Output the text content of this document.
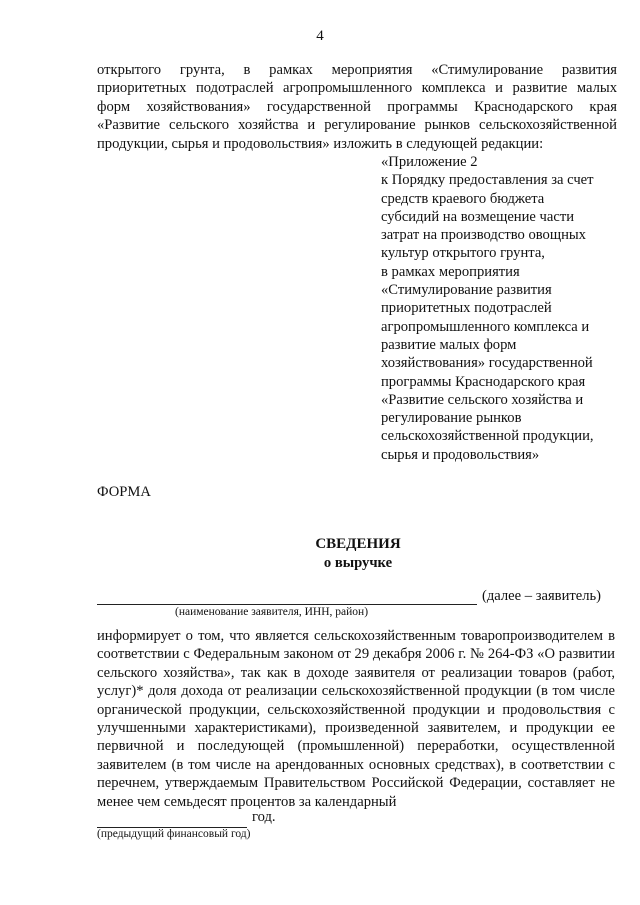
4
открытого грунта, в рамках мероприятия «Стимулирование развития приоритетных подотраслей агропромышленного комплекса и развитие малых форм хозяйствования» государственной программы Краснодарского края «Развитие сельского хозяйства и регулирование рынков сельскохозяйственной продукции, сырья и продовольствия» изложить в следующей редакции:
«Приложение 2
к Порядку предоставления за счет
средств краевого бюджета
субсидий на возмещение части
затрат на производство овощных
культур открытого грунта,
в рамках мероприятия
«Стимулирование развития
приоритетных подотраслей
агропромышленного комплекса и
развитие малых форм
хозяйствования» государственной
программы Краснодарского края
«Развитие сельского хозяйства и
регулирование рынков
сельскохозяйственной продукции,
сырья и продовольствия»
ФОРМА
СВЕДЕНИЯ
о выручке
(далее – заявитель)
(наименование заявителя, ИНН, район)
информирует о том, что является сельскохозяйственным товаропроизводителем в соответствии с Федеральным законом от 29 декабря 2006 г. № 264-ФЗ «О развитии сельского хозяйства», так как в доходе заявителя от реализации товаров (работ, услуг)* доля дохода от реализации сельскохозяйственной продукции (в том числе органической продукции, сельскохозяйственной продукции и продовольствия с улучшенными характеристиками), произведенной заявителем, и продукции ее первичной и последующей (промышленной) переработки, осуществленной заявителем (в том числе на арендованных основных средствах), в соответствии с перечнем, утверждаемым Правительством Российской Федерации, составляет не менее чем семьдесят процентов за календарный
год.
(предыдущий финансовый год)
